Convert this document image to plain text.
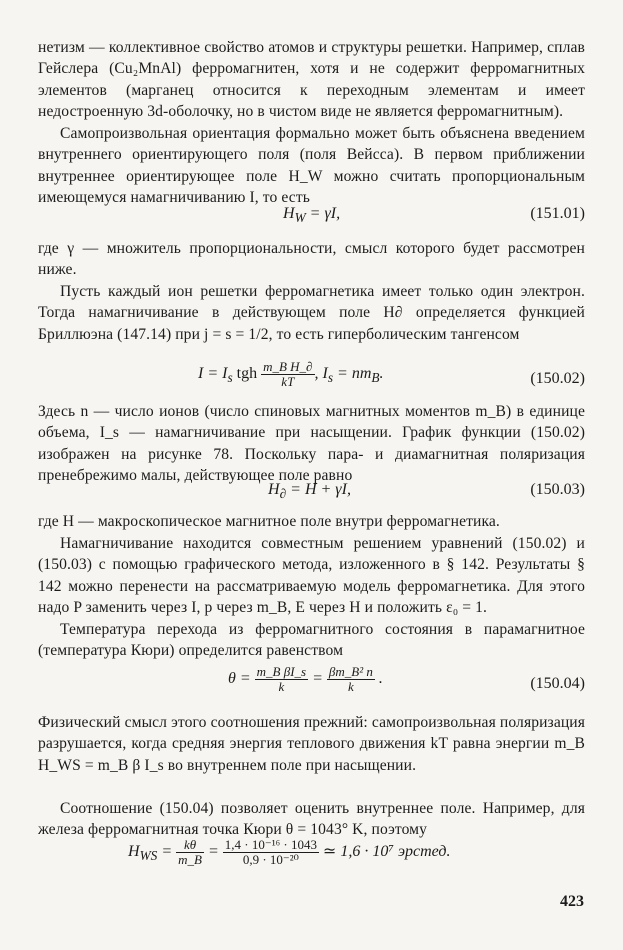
нетизм — коллективное свойство атомов и структуры решетки. Например, сплав Гейслера (Cu₂MnAl) ферромагнитен, хотя и не содержит ферромагнитных элементов (марганец относится к переходным элементам и имеет недостроенную 3d-оболочку, но в чистом виде не является ферромагнитным).

Самопроизвольная ориентация формально может быть объяснена введением внутреннего ориентирующего поля (поля Вейсса). В первом приближении внутреннее ориентирующее поле H_W можно считать пропорциональным имеющемуся намагничиванию I, то есть

$H_W = \gamma I$,	(151.01)

где γ — множитель пропорциональности, смысл которого будет рассмотрен ниже.

Пусть каждый ион решетки ферромагнетика имеет только один электрон. Тогда намагничивание в действующем поле H∂ определяется функцией Бриллюэна (147.14) при j = s = 1/2, то есть гиперболическим тангенсом

$I = I_s$ tgh $\frac{\text{m\_B H\_∂}}{kT}$ , $I_s = nm_B$.	(150.02)

Здесь n — число ионов (число спиновых магнитных моментов m_B) в единице объема, I_s — намагничивание при насыщении. График функции (150.02) изображен на рисунке 78. Поскольку пара- и диамагнитная поляризация пренебрежимо малы, действующее поле равно

$H_\partial = H + \gamma I$,	(150.03)

где H — макроскопическое магнитное поле внутри ферромагнетика.

Намагничивание находится совместным решением уравнений (150.02) и (150.03) с помощью графического метода, изложенного в § 142. Результаты § 142 можно перенести на рассматриваемую модель ферромагнетика. Для этого надо P заменить через I, p через m_B, E через H и положить ε₀ = 1.

Температура перехода из ферромагнитного состояния в парамагнитное (температура Кюри) определится равенством

$\theta = \frac{\text{m\_B βI\_s}}{k} = \frac{\text{βm\_B² n}}{k}$ .	(150.04)

Физический смысл этого соотношения прежний: самопроизвольная поляризация разрушается, когда средняя энергия теплового движения kT равна энергии m_B H_WS = m_B β I_s во внутреннем поле при насыщении.

Соотношение (150.04) позволяет оценить внутреннее поле. Например, для железа ферромагнитная точка Кюри θ = 1043° K, поэтому

$H_{WS} = \frac{k\theta}{m\_B} = \frac{\text{1,4 · 10⁻¹⁶ · 1043}}{\text{0,9 · 10⁻²⁰}}$ ≃ 1,6 · 10⁷ эрстед.
423
